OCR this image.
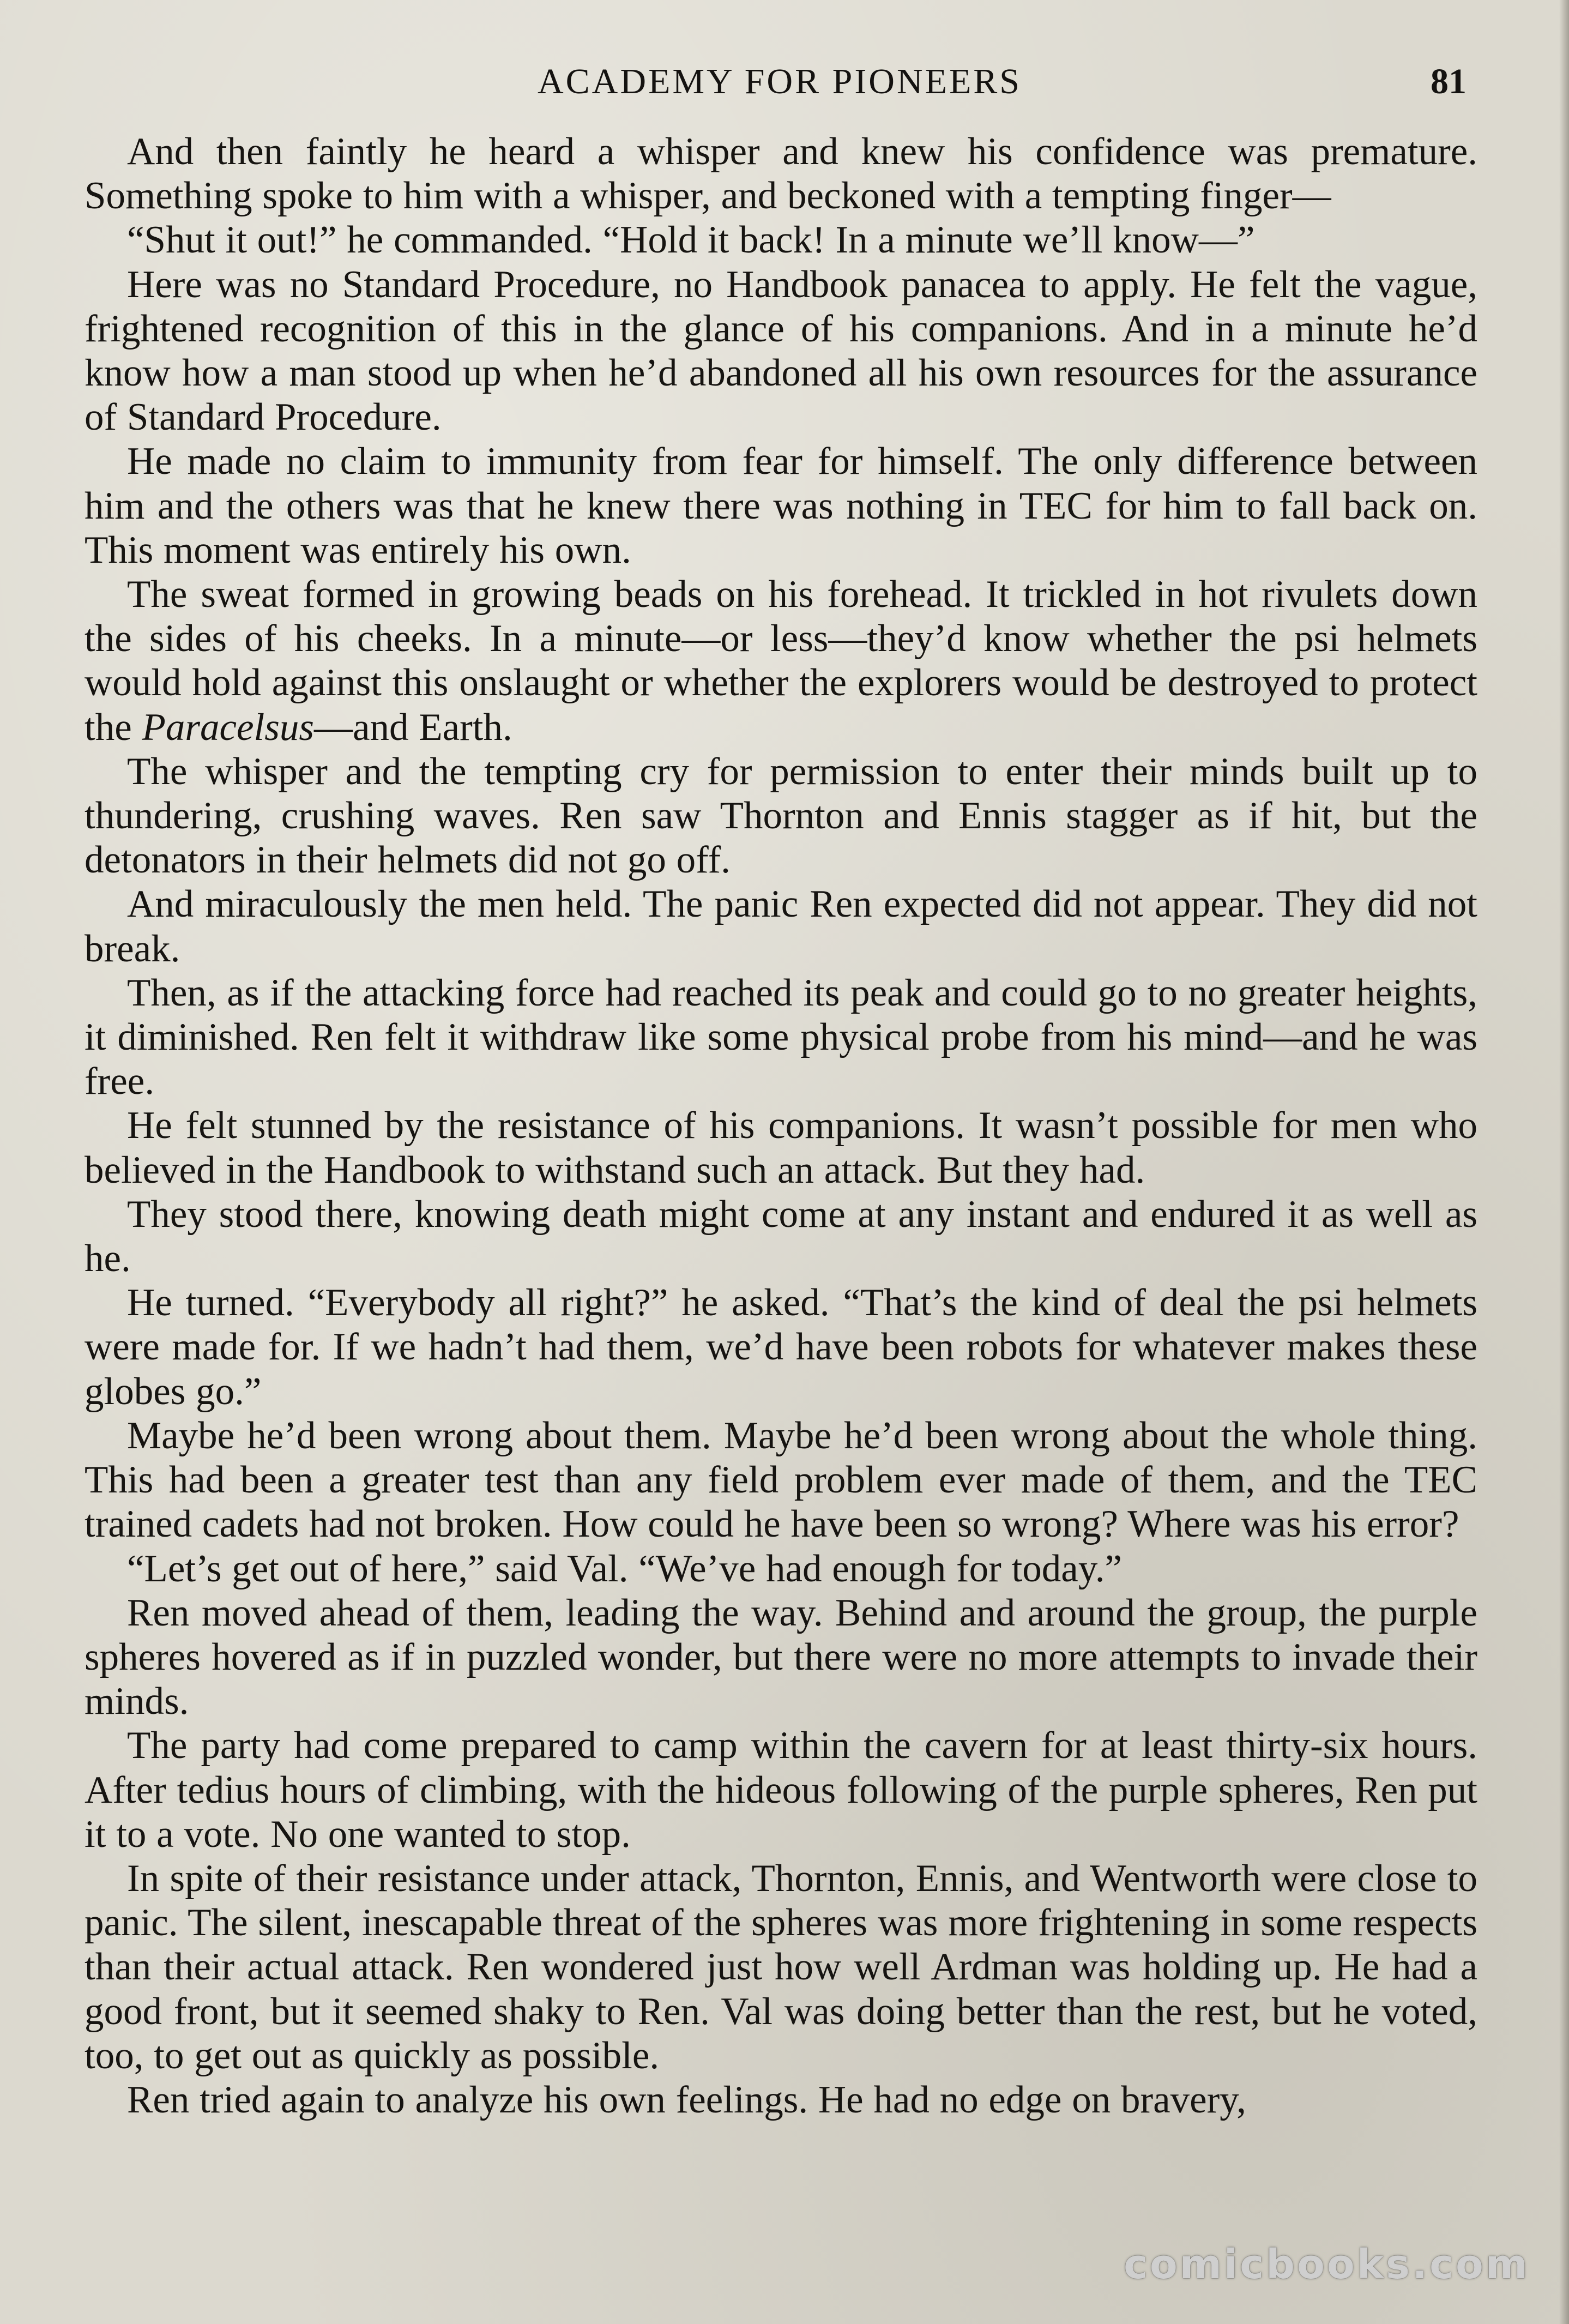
ACADEMY FOR PIONEERS	81

And then faintly he heard a whisper and knew his confidence was premature. Something spoke to him with a whisper, and beckoned with a tempting finger—

“Shut it out!” he commanded. “Hold it back! In a minute we’ll know—”

Here was no Standard Procedure, no Handbook panacea to apply. He felt the vague, frightened recognition of this in the glance of his companions. And in a minute he’d know how a man stood up when he’d abandoned all his own resources for the assurance of Standard Procedure.

He made no claim to immunity from fear for himself. The only difference between him and the others was that he knew there was nothing in TEC for him to fall back on. This moment was entirely his own.

The sweat formed in growing beads on his forehead. It trickled in hot rivulets down the sides of his cheeks. In a minute—or less—they’d know whether the psi helmets would hold against this onslaught or whether the explorers would be destroyed to protect the Paracelsus—and Earth.

The whisper and the tempting cry for permission to enter their minds built up to thundering, crushing waves. Ren saw Thornton and Ennis stagger as if hit, but the detonators in their helmets did not go off.

And miraculously the men held. The panic Ren expected did not appear. They did not break.

Then, as if the attacking force had reached its peak and could go to no greater heights, it diminished. Ren felt it withdraw like some physical probe from his mind—and he was free.

He felt stunned by the resistance of his companions. It wasn’t possible for men who believed in the Handbook to withstand such an attack. But they had.

They stood there, knowing death might come at any instant and endured it as well as he.

He turned. “Everybody all right?” he asked. “That’s the kind of deal the psi helmets were made for. If we hadn’t had them, we’d have been robots for whatever makes these globes go.”

Maybe he’d been wrong about them. Maybe he’d been wrong about the whole thing. This had been a greater test than any field problem ever made of them, and the TEC trained cadets had not broken. How could he have been so wrong? Where was his error?

“Let’s get out of here,” said Val. “We’ve had enough for today.”

Ren moved ahead of them, leading the way. Behind and around the group, the purple spheres hovered as if in puzzled wonder, but there were no more attempts to invade their minds.

The party had come prepared to camp within the cavern for at least thirty-six hours. After tedius hours of climbing, with the hideous following of the purple spheres, Ren put it to a vote. No one wanted to stop.

In spite of their resistance under attack, Thornton, Ennis, and Wentworth were close to panic. The silent, inescapable threat of the spheres was more frightening in some respects than their actual attack. Ren wondered just how well Ardman was holding up. He had a good front, but it seemed shaky to Ren. Val was doing better than the rest, but he voted, too, to get out as quickly as possible.

Ren tried again to analyze his own feelings. He had no edge on bravery,

comicbooks.com
